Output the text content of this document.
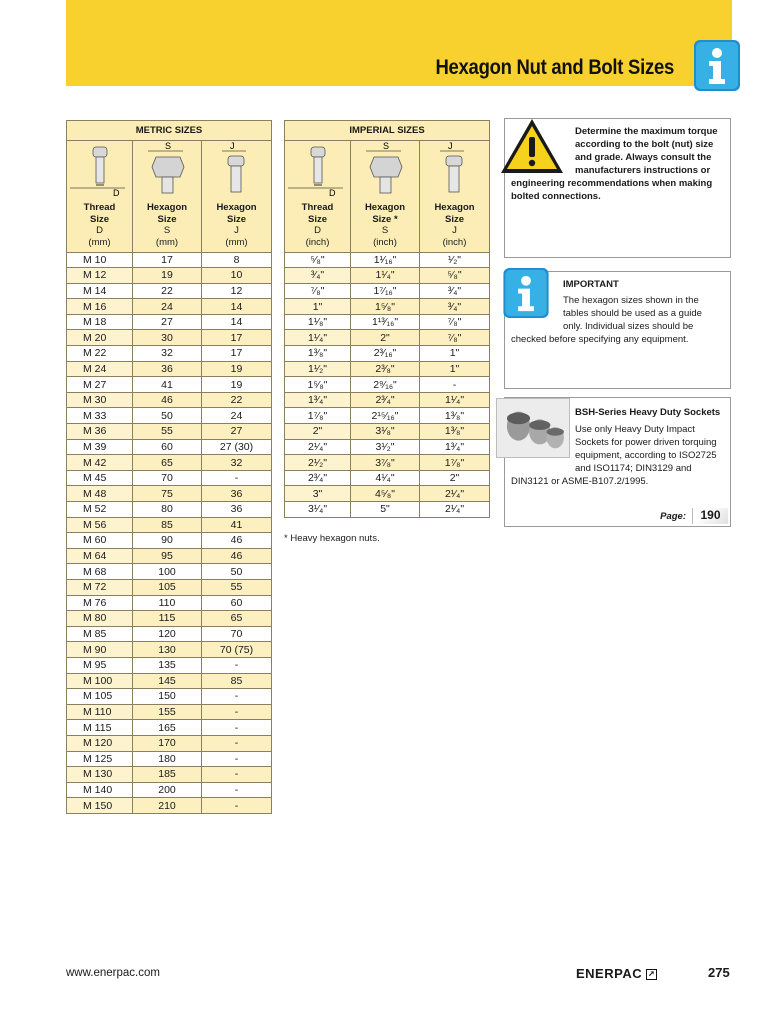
Hexagon Nut and Bolt Sizes
METRIC SIZES		

D	S	J

Thread
Size
D
(mm)	Hexagon
Size
S
(mm)	Hexagon
Size
J
(mm)
M 10	17	8
M 12	19	10
M 14	22	12
M 16	24	14
M 18	27	14
M 20	30	17
M 22	32	17
M 24	36	19
M 27	41	19
M 30	46	22
M 33	50	24
M 36	55	27
M 39	60	27 (30)
M 42	65	32
M 45	70	-
M 48	75	36
M 52	80	36
M 56	85	41
M 60	90	46
M 64	95	46
M 68	100	50
M 72	105	55
M 76	110	60
M 80	115	65
M 85	120	70
M 90	130	70 (75)
M 95	135	-
M 100	145	85
M 105	150	-
M 110	155	-
M 115	165	-
M 120	170	-
M 125	180	-
M 130	185	-
M 140	200	-
M 150	210	-
IMPERIAL SIZES		

D	S	J

Thread
Size
D
(inch)	Hexagon
Size *
S
(inch)	Hexagon
Size
J
(inch)
⁵⁄₈"	1¹⁄₁₆"	¹⁄₂"
³⁄₄"	1¹⁄₄"	⁵⁄₈"
⁷⁄₈"	1⁷⁄₁₆"	³⁄₄"
1"	1⁵⁄₈"	³⁄₄"
1¹⁄₈"	1¹³⁄₁₆"	⁷⁄₈"
1¹⁄₄"	2"	⁷⁄₈"
1³⁄₈"	2³⁄₁₆"	1"
1¹⁄₂"	2³⁄₈"	1"
1⁵⁄₈"	2⁹⁄₁₆"	-
1³⁄₄"	2³⁄₄"	1¹⁄₄"
1⁷⁄₈"	2¹⁵⁄₁₆"	1³⁄₈"
2"	3¹⁄₈"	1³⁄₈"
2¹⁄₄"	3¹⁄₂"	1³⁄₄"
2¹⁄₂"	3⁷⁄₈"	1⁷⁄₈"
2³⁄₄"	4¹⁄₄"	2"
3"	4⁵⁄₈"	2¹⁄₄"
3¹⁄₄"	5"	2¹⁄₄"
* Heavy hexagon nuts.
Determine the maximum torque
according to the bolt (nut) size
and grade. Always consult the
manufacturers instructions or
engineering recommendations when making
bolted connections.
IMPORTANT
The hexagon sizes shown in the
tables should be used as a guide
only. Individual sizes should be
checked before specifying any equipment.
BSH-Series Heavy Duty Sockets
Use only Heavy Duty Impact
Sockets for power driven torquing
equipment, according to ISO2725
and ISO1174; DIN3129 and
DIN3121 or ASME-B107.2/1995.
Page: 190
www.enerpac.com	ENERPAC ➚	275
